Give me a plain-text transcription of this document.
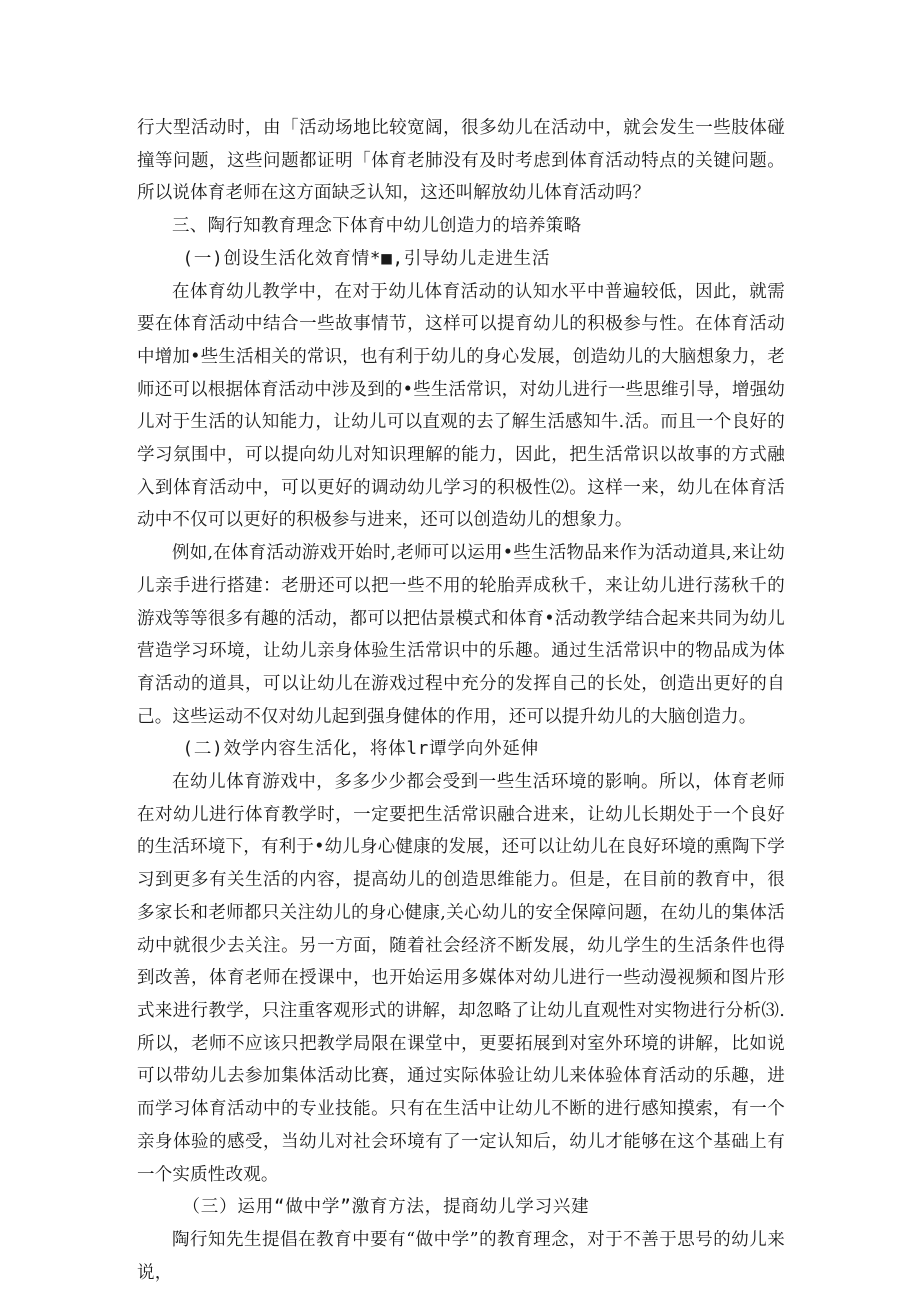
行大型活动时，由「活动场地比较宽阔，很多幼儿在活动中，就会发生一些肢体碰撞等问题，这些问题都证明「体育老肺没有及时考虑到体育活动特点的关键问题。所以说体育老师在这方面缺乏认知，这还叫解放幼儿体育活动吗？

三、陶行知教育理念下体育中幼儿创造力的培养策略

(一)创设生活化效育情*■,引导幼儿走进生活

在体育幼儿教学中，在对于幼儿体育活动的认知水平中普遍较低，因此，就需要在体育活动中结合一些故事情节，这样可以提育幼儿的积极参与性。在体育活动中增加•些生活相关的常识，也有利于幼儿的身心发展，创造幼儿的大脑想象力，老师还可以根据体育活动中涉及到的•些生活常识，对幼儿进行一些思维引导，增强幼儿对于生活的认知能力，让幼儿可以直观的去了解生活感知牛.活。而且一个良好的学习氛围中，可以提向幼儿对知识理解的能力，因此，把生活常识以故事的方式融入到体育活动中，可以更好的调动幼儿学习的积极性⑵。这样一来，幼儿在体育活动中不仅可以更好的积极参与进来，还可以创造幼儿的想象力。

例如,在体育活动游戏开始时,老师可以运用•些生活物品来作为活动道具,来让幼儿亲手进行搭建：老册还可以把一些不用的轮胎弄成秋千，来让幼儿进行荡秋千的游戏等等很多有趣的活动，都可以把估景模式和体育•活动教学结合起来共同为幼儿营造学习环境，让幼儿亲身体验生活常识中的乐趣。通过生活常识中的物品成为体育活动的道具，可以让幼儿在游戏过程中充分的发挥自己的长处，创造出更好的自己。这些运动不仅对幼儿起到强身健体的作用，还可以提升幼儿的大脑创造力。

(二)效学内容生活化，将体lr谭学向外延伸

在幼儿体育游戏中，多多少少都会受到一些生活环境的影响。所以，体育老师在对幼儿进行体育教学时，一定要把生活常识融合进来，让幼儿长期处于一个良好的生活环境下，有利于•幼儿身心健康的发展，还可以让幼儿在良好环境的熏陶下学习到更多有关生活的内容，提高幼儿的创造思维能力。但是，在目前的教育中，很多家长和老师都只关注幼儿的身心健康,关心幼儿的安全保障问题，在幼儿的集体活动中就很少去关注。另一方面，随着社会经济不断发展，幼儿学生的生活条件也得到改善，体育老师在授课中，也开始运用多媒体对幼儿进行一些动漫视频和图片形式来进行教学，只注重客观形式的讲解，却忽略了让幼儿直观性对实物进行分析⑶.所以，老师不应该只把教学局限在课堂中，更要拓展到对室外环境的讲解，比如说可以带幼儿去参加集体活动比赛，通过实际体验让幼儿来体验体育活动的乐趣，进而学习体育活动中的专业技能。只有在生活中让幼儿不断的进行感知摸索，有一个亲身体验的感受，当幼儿对社会环境有了一定认知后，幼儿才能够在这个基础上有一个实质性改观。

（三）运用“做中学”激育方法，提商幼儿学习兴建

陶行知先生提倡在教育中要有“做中学”的教育理念，对于不善于思号的幼儿来说，
